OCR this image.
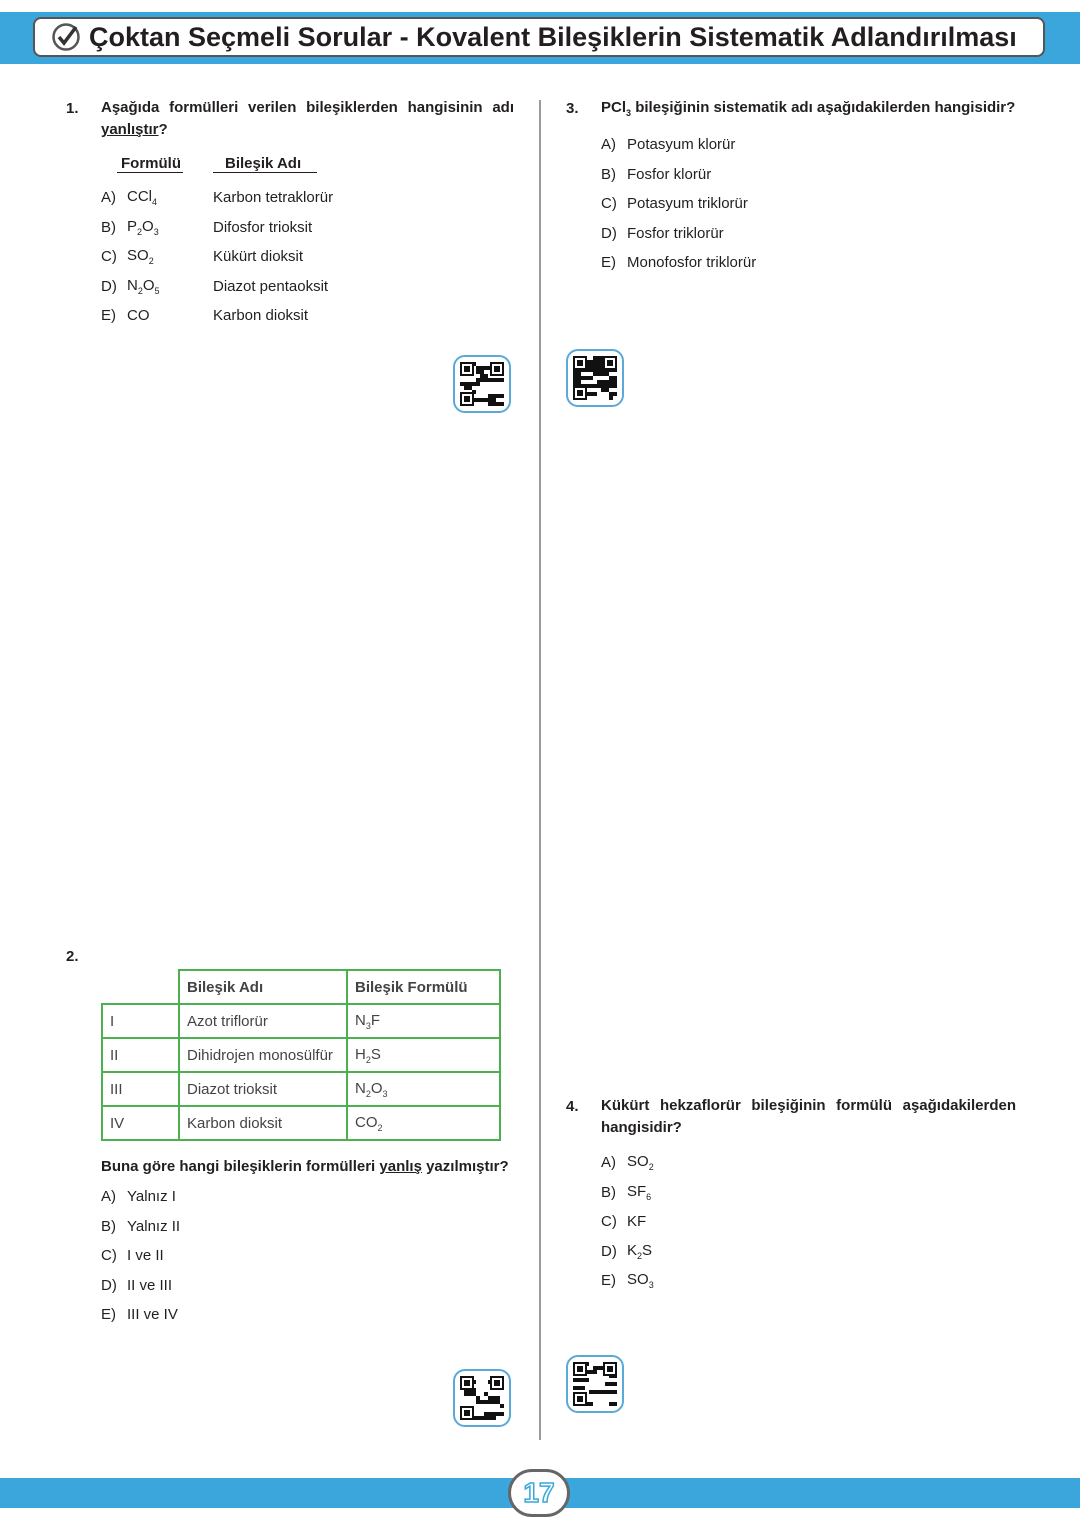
Çoktan Seçmeli Sorular - Kovalent Bileşiklerin Sistematik Adlandırılması
1. Aşağıda formülleri verilen bileşiklerden hangisinin adı yanlıştır?
Formülü	Bileşik Adı
A) CCl$_4$	Karbon tetraklorür
B) $P_2O_3$	Difosfor trioksit
C) $SO_2$	Kükürt dioksit
D) $N_2O_5$	Diazot pentaoksit
E) CO	Karbon dioksit
2.
	Bileşik Adı	Bileşik Formülü
I	Azot triflorür	$N_3F$
II	Dihidrojen monosülfür	$H_2S$
III	Diazot trioksit	$N_2O_3$
IV	Karbon dioksit	$CO_2$
Buna göre hangi bileşiklerin formülleri yanlış yazılmıştır?
A) Yalnız I
B) Yalnız II
C) I ve II
D) II ve III
E) III ve IV
3. PCl$_3$ bileşiğinin sistematik adı aşağıdakilerden hangisidir?
A) Potasyum klorür
B) Fosfor klorür
C) Potasyum triklorür
D) Fosfor triklorür
E) Monofosfor triklorür
4. Kükürt hekzaflorür bileşiğinin formülü aşağıdakilerden hangisidir?
A) $SO_2$
B) $SF_6$
C) KF
D) $K_2S$
E) $SO_3$
17
